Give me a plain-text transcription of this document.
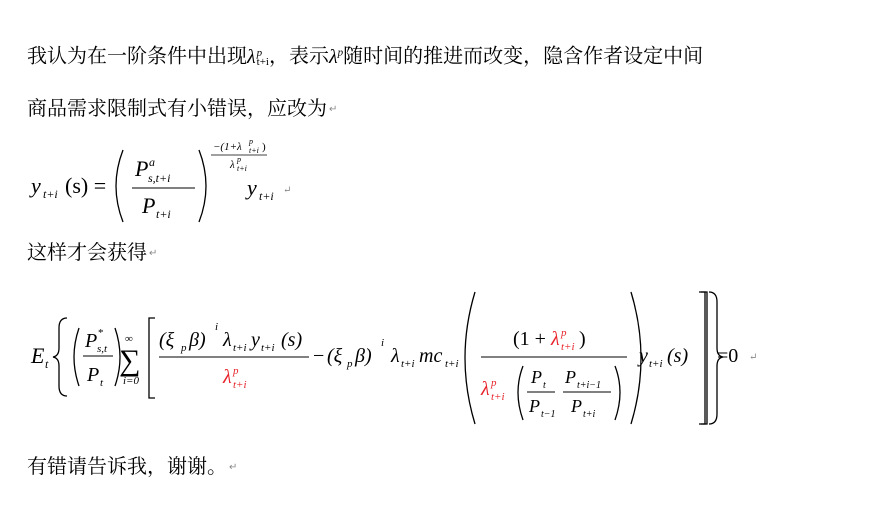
我认为在一阶条件中出现λ p
t+i ，表示$\lambda^p$随时间的推进而改变，隐含作者设定中间
商品需求限制式有小错误，应改为 ↵
y t+i (s) =
P a
s,t+i
P t+i
−(1+λ p
t+i )
λ p
t+i
y t+i ↵
这样才会获得 ↵
E t
P *
s,t
P t
∞
∑
i=0
(ξ p β)
i
λ t+i y t+i (s)
λ p
t+i
− (ξ p β)
i
λ t+i mc t+i
(1 + λ p
t+i )
λ p
t+i
P t
P t−1
P t+i−1
P t+i
y t+i (s) =0 ↵
有错请告诉我，谢谢。 ↵
